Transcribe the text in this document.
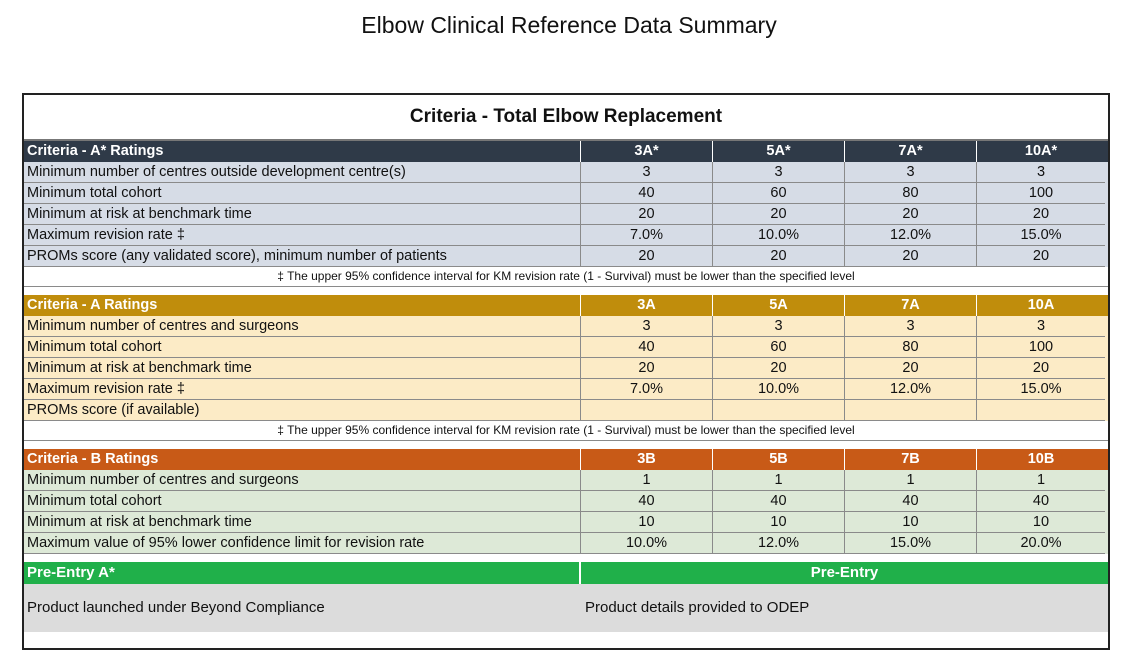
Elbow Clinical Reference Data Summary
Criteria - Total Elbow Replacement
Criteria - A* Ratings	3A*	5A*	7A*	10A*
Minimum number of centres outside development centre(s)	3	3	3	3
Minimum total cohort	40	60	80	100
Minimum at risk at benchmark time	20	20	20	20
Maximum revision rate ‡	7.0%	10.0%	12.0%	15.0%
PROMs score (any validated score), minimum number of patients	20	20	20	20
‡ The upper 95% confidence interval for KM revision rate (1 - Survival) must be lower than the specified level
Criteria - A Ratings	3A	5A	7A	10A
Minimum number of centres and surgeons	3	3	3	3
Minimum total cohort	40	60	80	100
Minimum at risk at benchmark time	20	20	20	20
Maximum revision rate ‡	7.0%	10.0%	12.0%	15.0%
PROMs score (if available)
‡ The upper 95% confidence interval for KM revision rate (1 - Survival) must be lower than the specified level
Criteria - B Ratings	3B	5B	7B	10B
Minimum number of centres and surgeons	1	1	1	1
Minimum total cohort	40	40	40	40
Minimum at risk at benchmark time	10	10	10	10
Maximum value of 95% lower confidence limit for revision rate	10.0%	12.0%	15.0%	20.0%
Pre-Entry A*	Pre-Entry
Product launched under Beyond Compliance	Product details provided to ODEP
